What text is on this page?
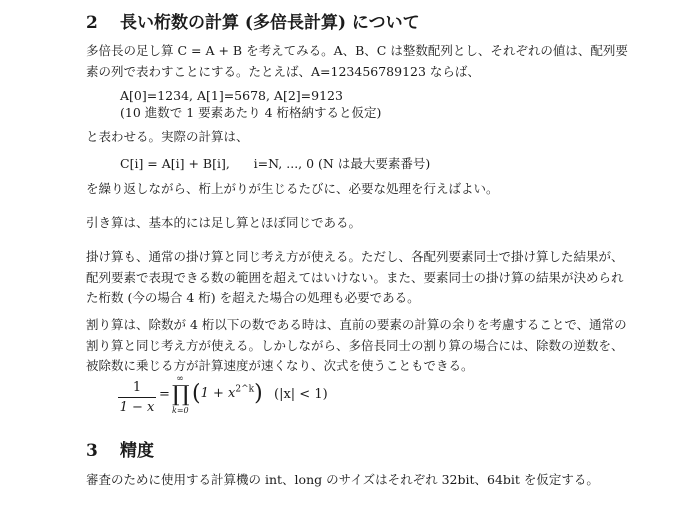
2 長い桁数の計算 (多倍長計算) について

多倍長の足し算 C = A + B を考えてみる。A、B、C は整数配列とし、それぞれの値は、配列要素の列で表わすことにする。たとえば、A=123456789123 ならば、

A[0]=1234, A[1]=5678, A[2]=9123
(10 進数で 1 要素あたり 4 桁格納すると仮定)

と表わせる。実際の計算は、

C[i] = A[i] + B[i],      i=N, ..., 0 (N は最大要素番号)

を繰り返しながら、桁上がりが生じるたびに、必要な処理を行えばよい。

引き算は、基本的には足し算とほぼ同じである。

掛け算も、通常の掛け算と同じ考え方が使える。ただし、各配列要素同士で掛け算した結果が、配列要素で表現できる数の範囲を超えてはいけない。また、要素同士の掛け算の結果が決められた桁数 (今の場合 4 桁) を超えた場合の処理も必要である。

割り算は、除数が 4 桁以下の数である時は、直前の要素の計算の余りを考慮することで、通常の割り算と同じ考え方が使える。しかしながら、多倍長同士の割り算の場合には、除数の逆数を、被除数に乗じる方が計算速度が速くなり、次式を使うこともできる。

1
1 − x
=
∞
∏
k=0
$(1 + x^{2\^{}k})$ (|x| < 1)
3 精度

審査のために使用する計算機の int、long のサイズはそれぞれ 32bit、64bit を仮定する。
